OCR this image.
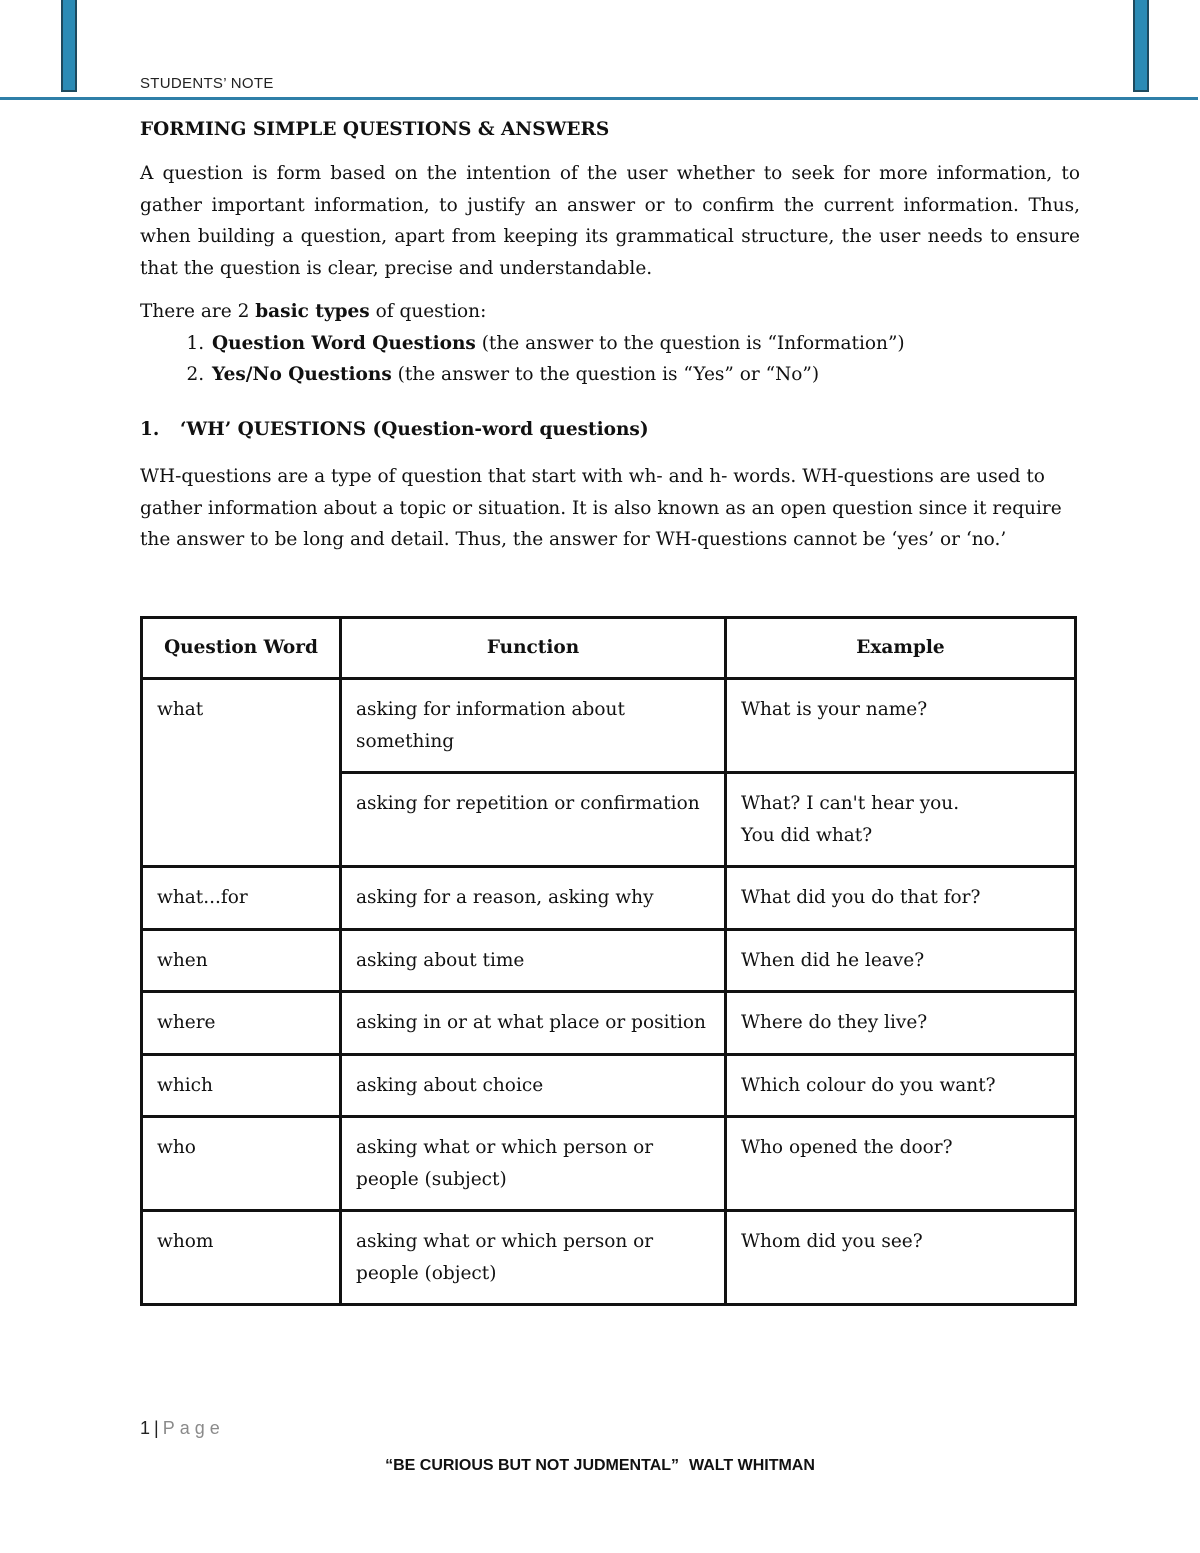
STUDENTS’ NOTE
FORMING SIMPLE QUESTIONS & ANSWERS

A question is form based on the intention of the user whether to seek for more information, to gather important information, to justify an answer or to confirm the current information. Thus, when building a question, apart from keeping its grammatical structure, the user needs to ensure that the question is clear, precise and understandable.

There are 2 basic types of question:

1. Question Word Questions (the answer to the question is “Information”)
2. Yes/No Questions (the answer to the question is “Yes” or “No”)
1.	‘WH’ QUESTIONS (Question-word questions)

WH-questions are a type of question that start with wh- and h- words. WH-questions are used to gather information about a topic or situation. It is also known as an open question since it require the answer to be long and detail. Thus, the answer for WH-questions cannot be ‘yes’ or ‘no.’

Question Word	Function	Example
what	asking for information about something	What is your name?
	asking for repetition or confirmation	What? I can't hear you.
You did what?
what...for	asking for a reason, asking why	What did you do that for?
when	asking about time	When did he leave?
where	asking in or at what place or position	Where do they live?
which	asking about choice	Which colour do you want?
who	asking what or which person or people (subject)	Who opened the door?
whom	asking what or which person or people (object)	Whom did you see?
1 | Page
“BE CURIOUS BUT NOT JUDMENTAL” WALT WHITMAN
